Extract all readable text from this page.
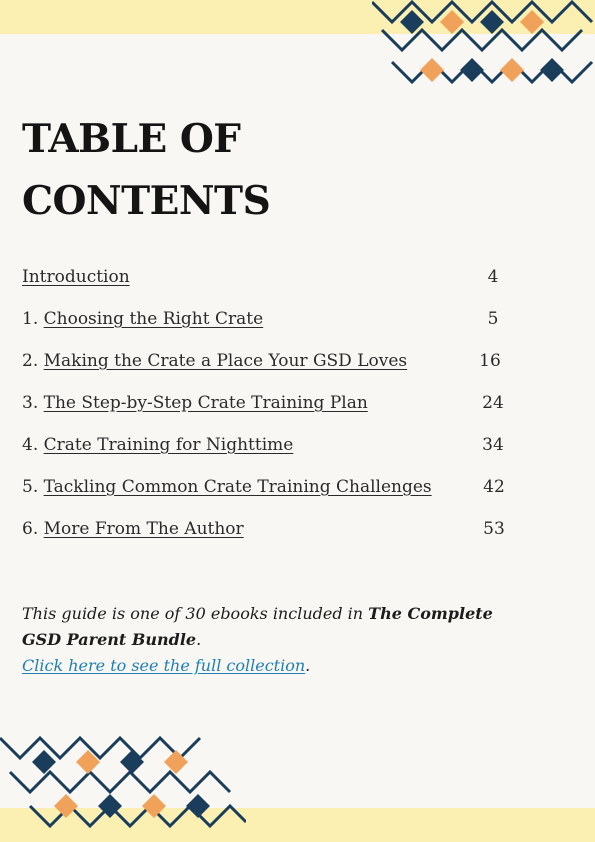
TABLE OF
CONTENTS
Introduction	4
1. Choosing the Right Crate	5
2. Making the Crate a Place Your GSD Loves	16
3. The Step-by-Step Crate Training Plan	24
4. Crate Training for Nighttime	34
5. Tackling Common Crate Training Challenges	42
6. More From The Author	53

This guide is one of 30 ebooks included in The Complete GSD Parent Bundle.
Click here to see the full collection.
